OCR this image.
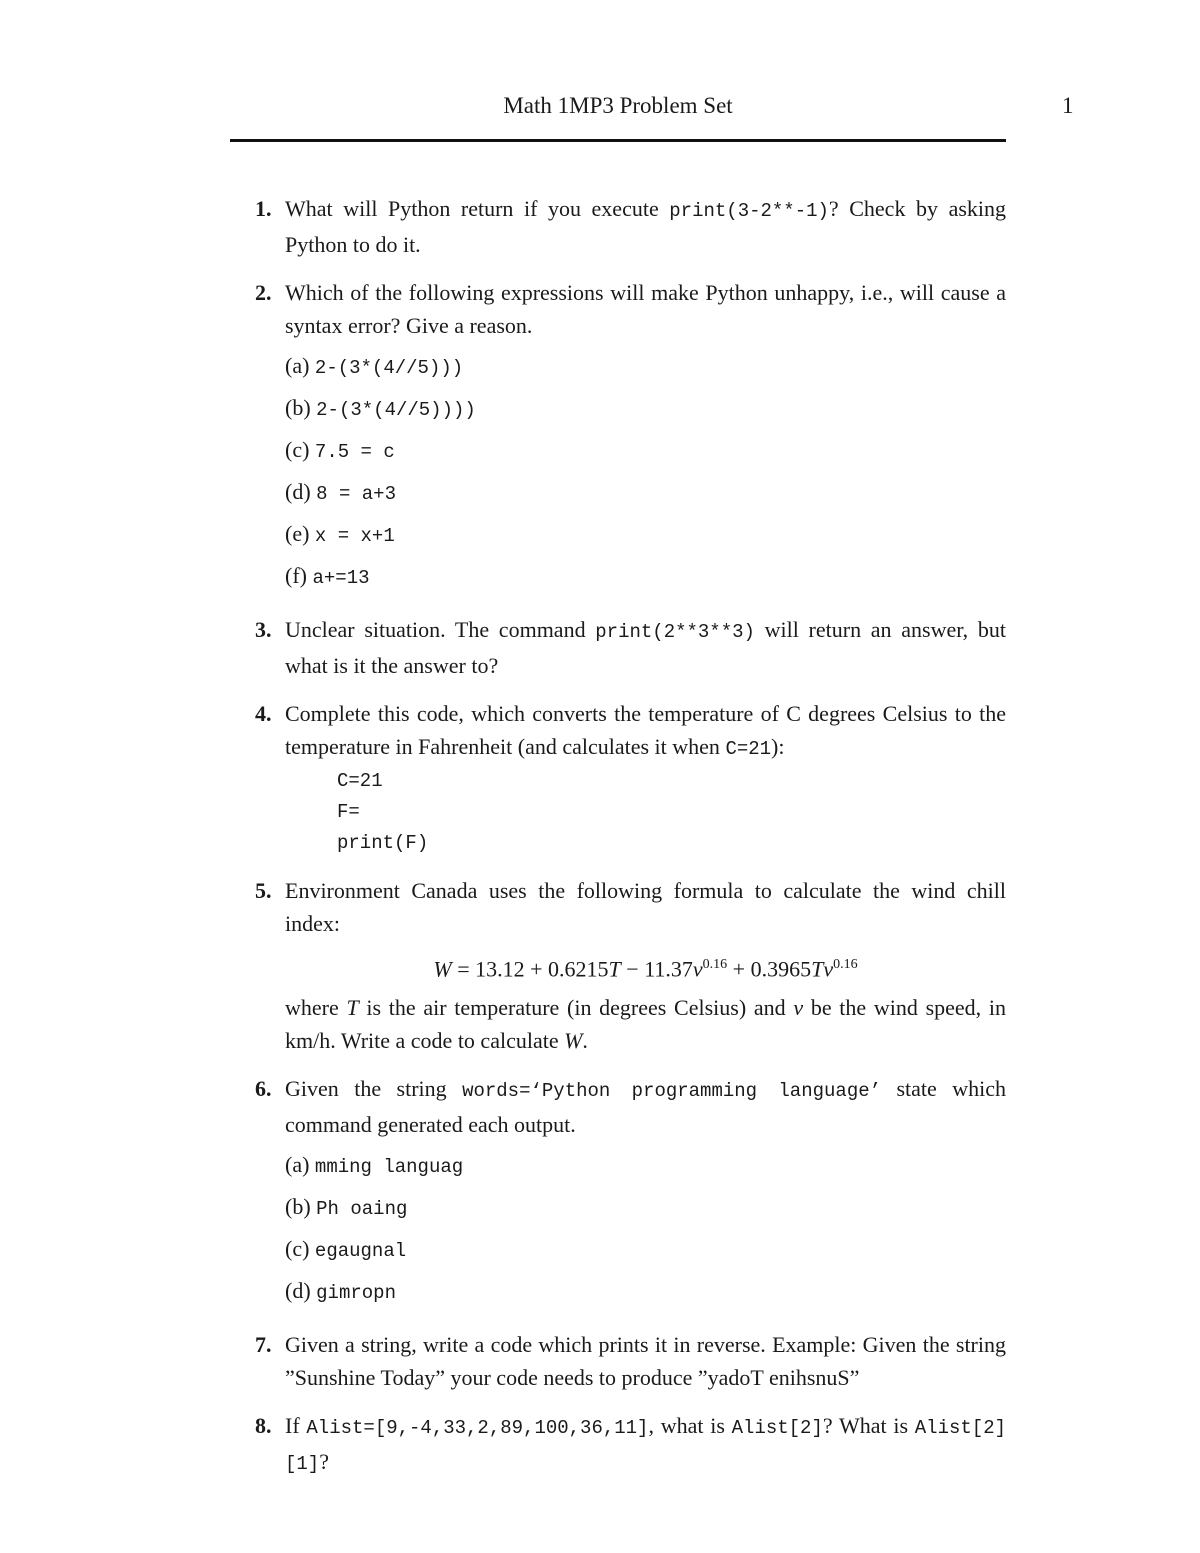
Math 1MP3 Problem Set	1
1. What will Python return if you execute print(3-2**-1)? Check by asking Python to do it.
2. Which of the following expressions will make Python unhappy, i.e., will cause a syntax error? Give a reason.
(a) 2-(3*(4//5)))
(b) 2-(3*(4//5))))
(c) 7.5 = c
(d) 8 = a+3
(e) x = x+1
(f) a+=13
3. Unclear situation. The command print(2**3**3) will return an answer, but what is it the answer to?
4. Complete this code, which converts the temperature of C degrees Celsius to the temperature in Fahrenheit (and calculates it when C=21):
C=21
F=
print(F)
5. Environment Canada uses the following formula to calculate the wind chill index:
$W = 13.12 + 0.6215T - 11.37v^{0.16} + 0.3965Tv^{0.16}$
where T is the air temperature (in degrees Celsius) and v be the wind speed, in km/h. Write a code to calculate W.
6. Given the string words=‘Python programming language’ state which command generated each output.
(a) mming languag
(b) Ph oaing
(c) egaugnal
(d) gimropn
7. Given a string, write a code which prints it in reverse. Example: Given the string ”Sunshine Today” your code needs to produce ”yadoT enihsnuS”
8. If Alist=[9,-4,33,2,89,100,36,11], what is Alist[2]? What is Alist[2][1]?
